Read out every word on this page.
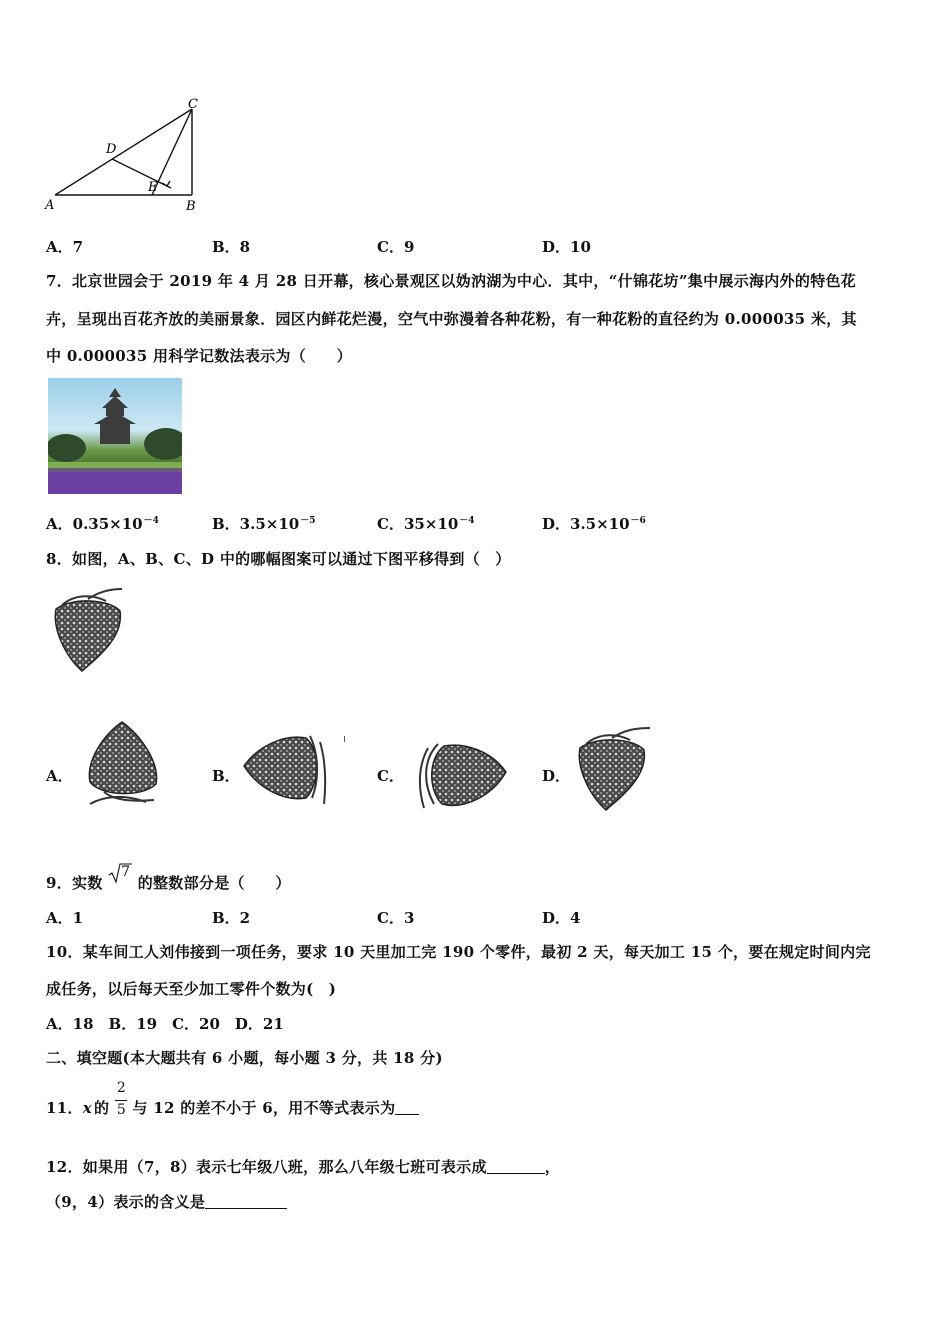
C
D
E
A	B
A．7	B．8	C．9	D．10
7．北京世园会于 2019 年 4 月 28 日开幕，核心景观区以妫汭湖为中心．其中，“什锦花坊”集中展示海内外的特色花
卉，呈现出百花齐放的美丽景象．园区内鲜花烂漫，空气中弥漫着各种花粉，有一种花粉的直径约为 0.000035 米，其
中 0.000035 用科学记数法表示为（　　）
A．$0.35\times 10^{-4}$	B．$3.5\times 10^{-5}$	C．$35\times 10^{-4}$	D．$3.5\times 10^{-6}$
8．如图，A、B、C、D 中的哪幅图案可以通过下图平移得到（　）
A．	B．	C．	D．
9．实数
7
的整数部分是（　　）
A．1	B．2	C．3	D．4
10．某车间工人刘伟接到一项任务，要求 10 天里加工完 190 个零件，最初 2 天，每天加工 15 个，要在规定时间内完
成任务，以后每天至少加工零件个数为(　)
A．18　B．19　C．20　D．21
二、填空题(本大题共有 6 小题，每小题 3 分，共 18 分)
11．x 的 $\frac{2}{5}$ 与 12 的差不小于 6，用不等式表示为
12．如果用（7，8）表示七年级八班，那么八年级七班可表示成	，
（9，4）表示的含义是
